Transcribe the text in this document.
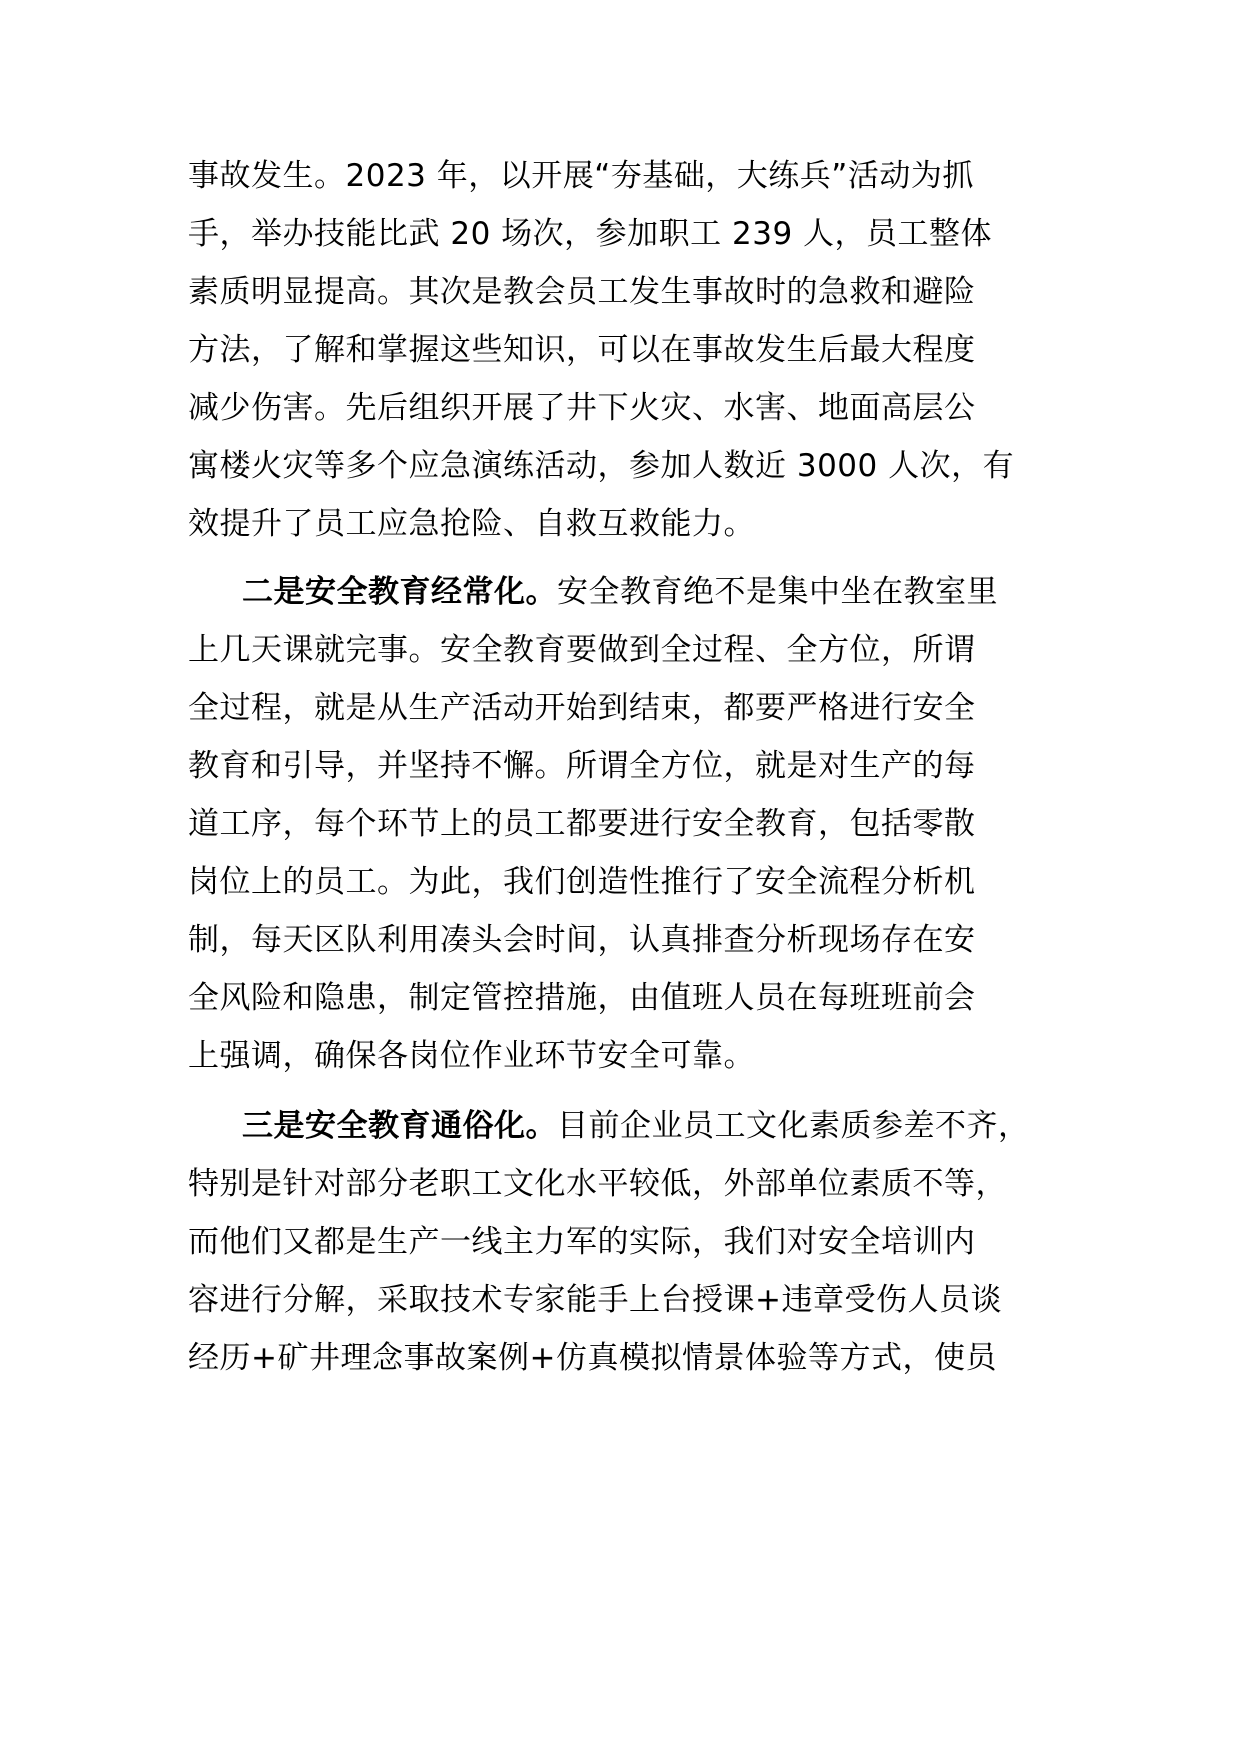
事故发生。2023 年，以开展“夯基础，大练兵”活动为抓
手，举办技能比武 20 场次，参加职工 239 人，员工整体
素质明显提高。其次是教会员工发生事故时的急救和避险
方法，了解和掌握这些知识，可以在事故发生后最大程度
减少伤害。先后组织开展了井下火灾、水害、地面高层公
寓楼火灾等多个应急演练活动，参加人数近 3000 人次，有
效提升了员工应急抢险、自救互救能力。
二是安全教育经常化。安全教育绝不是集中坐在教室里
上几天课就完事。安全教育要做到全过程、全方位，所谓
全过程，就是从生产活动开始到结束，都要严格进行安全
教育和引导，并坚持不懈。所谓全方位，就是对生产的每
道工序，每个环节上的员工都要进行安全教育，包括零散
岗位上的员工。为此，我们创造性推行了安全流程分析机
制，每天区队利用凑头会时间，认真排查分析现场存在安
全风险和隐患，制定管控措施，由值班人员在每班班前会
上强调，确保各岗位作业环节安全可靠。
三是安全教育通俗化。目前企业员工文化素质参差不齐，
特别是针对部分老职工文化水平较低，外部单位素质不等，
而他们又都是生产一线主力军的实际，我们对安全培训内
容进行分解，采取技术专家能手上台授课+违章受伤人员谈
经历+矿井理念事故案例+仿真模拟情景体验等方式，使员
